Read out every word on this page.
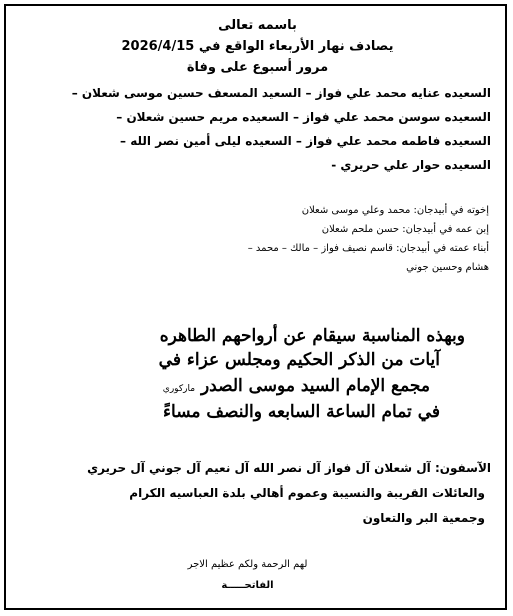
باسمه تعالى
يصادف نهار الأربعاء الواقع في 2026/4/15
مرور أسبوع على وفاة
السعيده عنايه محمد علي فواز – السعيد المسعف حسين موسى شعلان –
السعيده سوسن محمد علي فواز – السعيده مريم حسين شعلان –
السعيده فاطمه محمد علي فواز – السعيده ليلى أمين نصر الله –
السعيده حوار علي حريري -
إخوته في أبيدجان: محمد وعلي موسى شعلان
إبن عمه في أبيدجان: حسن ملحم شعلان
أبناء عمته في أبيدجان: قاسم نصيف فواز – مالك – محمد –
هشام وحسين جوني
وبهذه المناسبة سيقام عن أرواحهم الطاهره
آيات من الذكر الحكيم ومجلس عزاء في
مجمع الإمام السيد موسى الصدر ماركوري
في تمام الساعة السابعه والنصف مساءً
الآسفون: آل شعلان آل فواز آل نصر الله آل نعيم آل جوني آل حريري
والعائلات القريبة والنسيبة وعموم أهالي بلدة العباسيه الكرام
وجمعية البر والتعاون
لهم الرحمة ولكم عظيم الاجر
الفاتحـــــة
